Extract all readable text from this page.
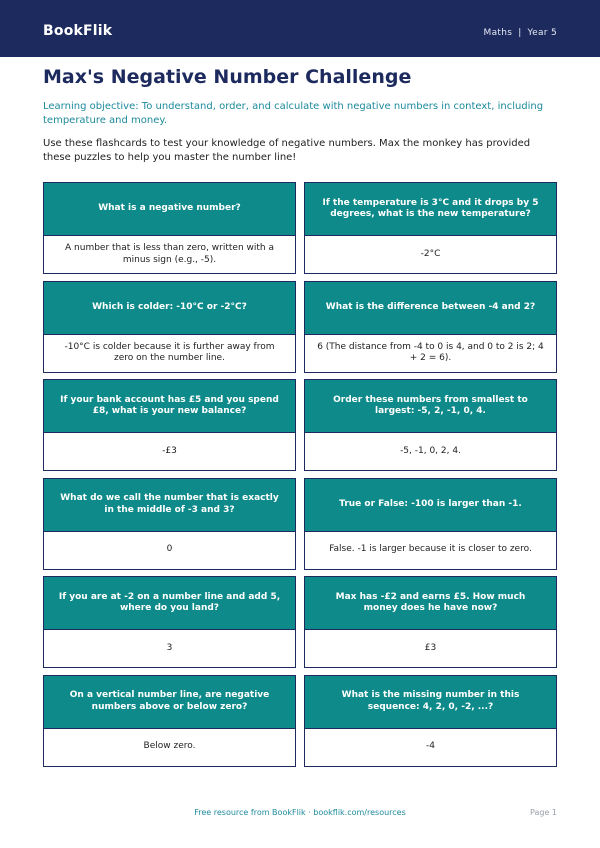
BookFlik	Maths | Year 5
Max's Negative Number Challenge

Learning objective: To understand, order, and calculate with negative numbers in context, including temperature and money.

Use these flashcards to test your knowledge of negative numbers. Max the monkey has provided these puzzles to help you master the number line!

What is a negative number?
A number that is less than zero, written with a minus sign (e.g., -5).
If the temperature is 3°C and it drops by 5 degrees, what is the new temperature?
-2°C
Which is colder: -10°C or -2°C?
-10°C is colder because it is further away from zero on the number line.
What is the difference between -4 and 2?
6 (The distance from -4 to 0 is 4, and 0 to 2 is 2; 4 + 2 = 6).
If your bank account has £5 and you spend £8, what is your new balance?
-£3
Order these numbers from smallest to largest: -5, 2, -1, 0, 4.
-5, -1, 0, 2, 4.
What do we call the number that is exactly in the middle of -3 and 3?
0
True or False: -100 is larger than -1.
False. -1 is larger because it is closer to zero.
If you are at -2 on a number line and add 5, where do you land?
3
Max has -£2 and earns £5. How much money does he have now?
£3
On a vertical number line, are negative numbers above or below zero?
Below zero.
What is the missing number in this sequence: 4, 2, 0, -2, ...?
-4
Free resource from BookFlik · bookflik.com/resources	Page 1
